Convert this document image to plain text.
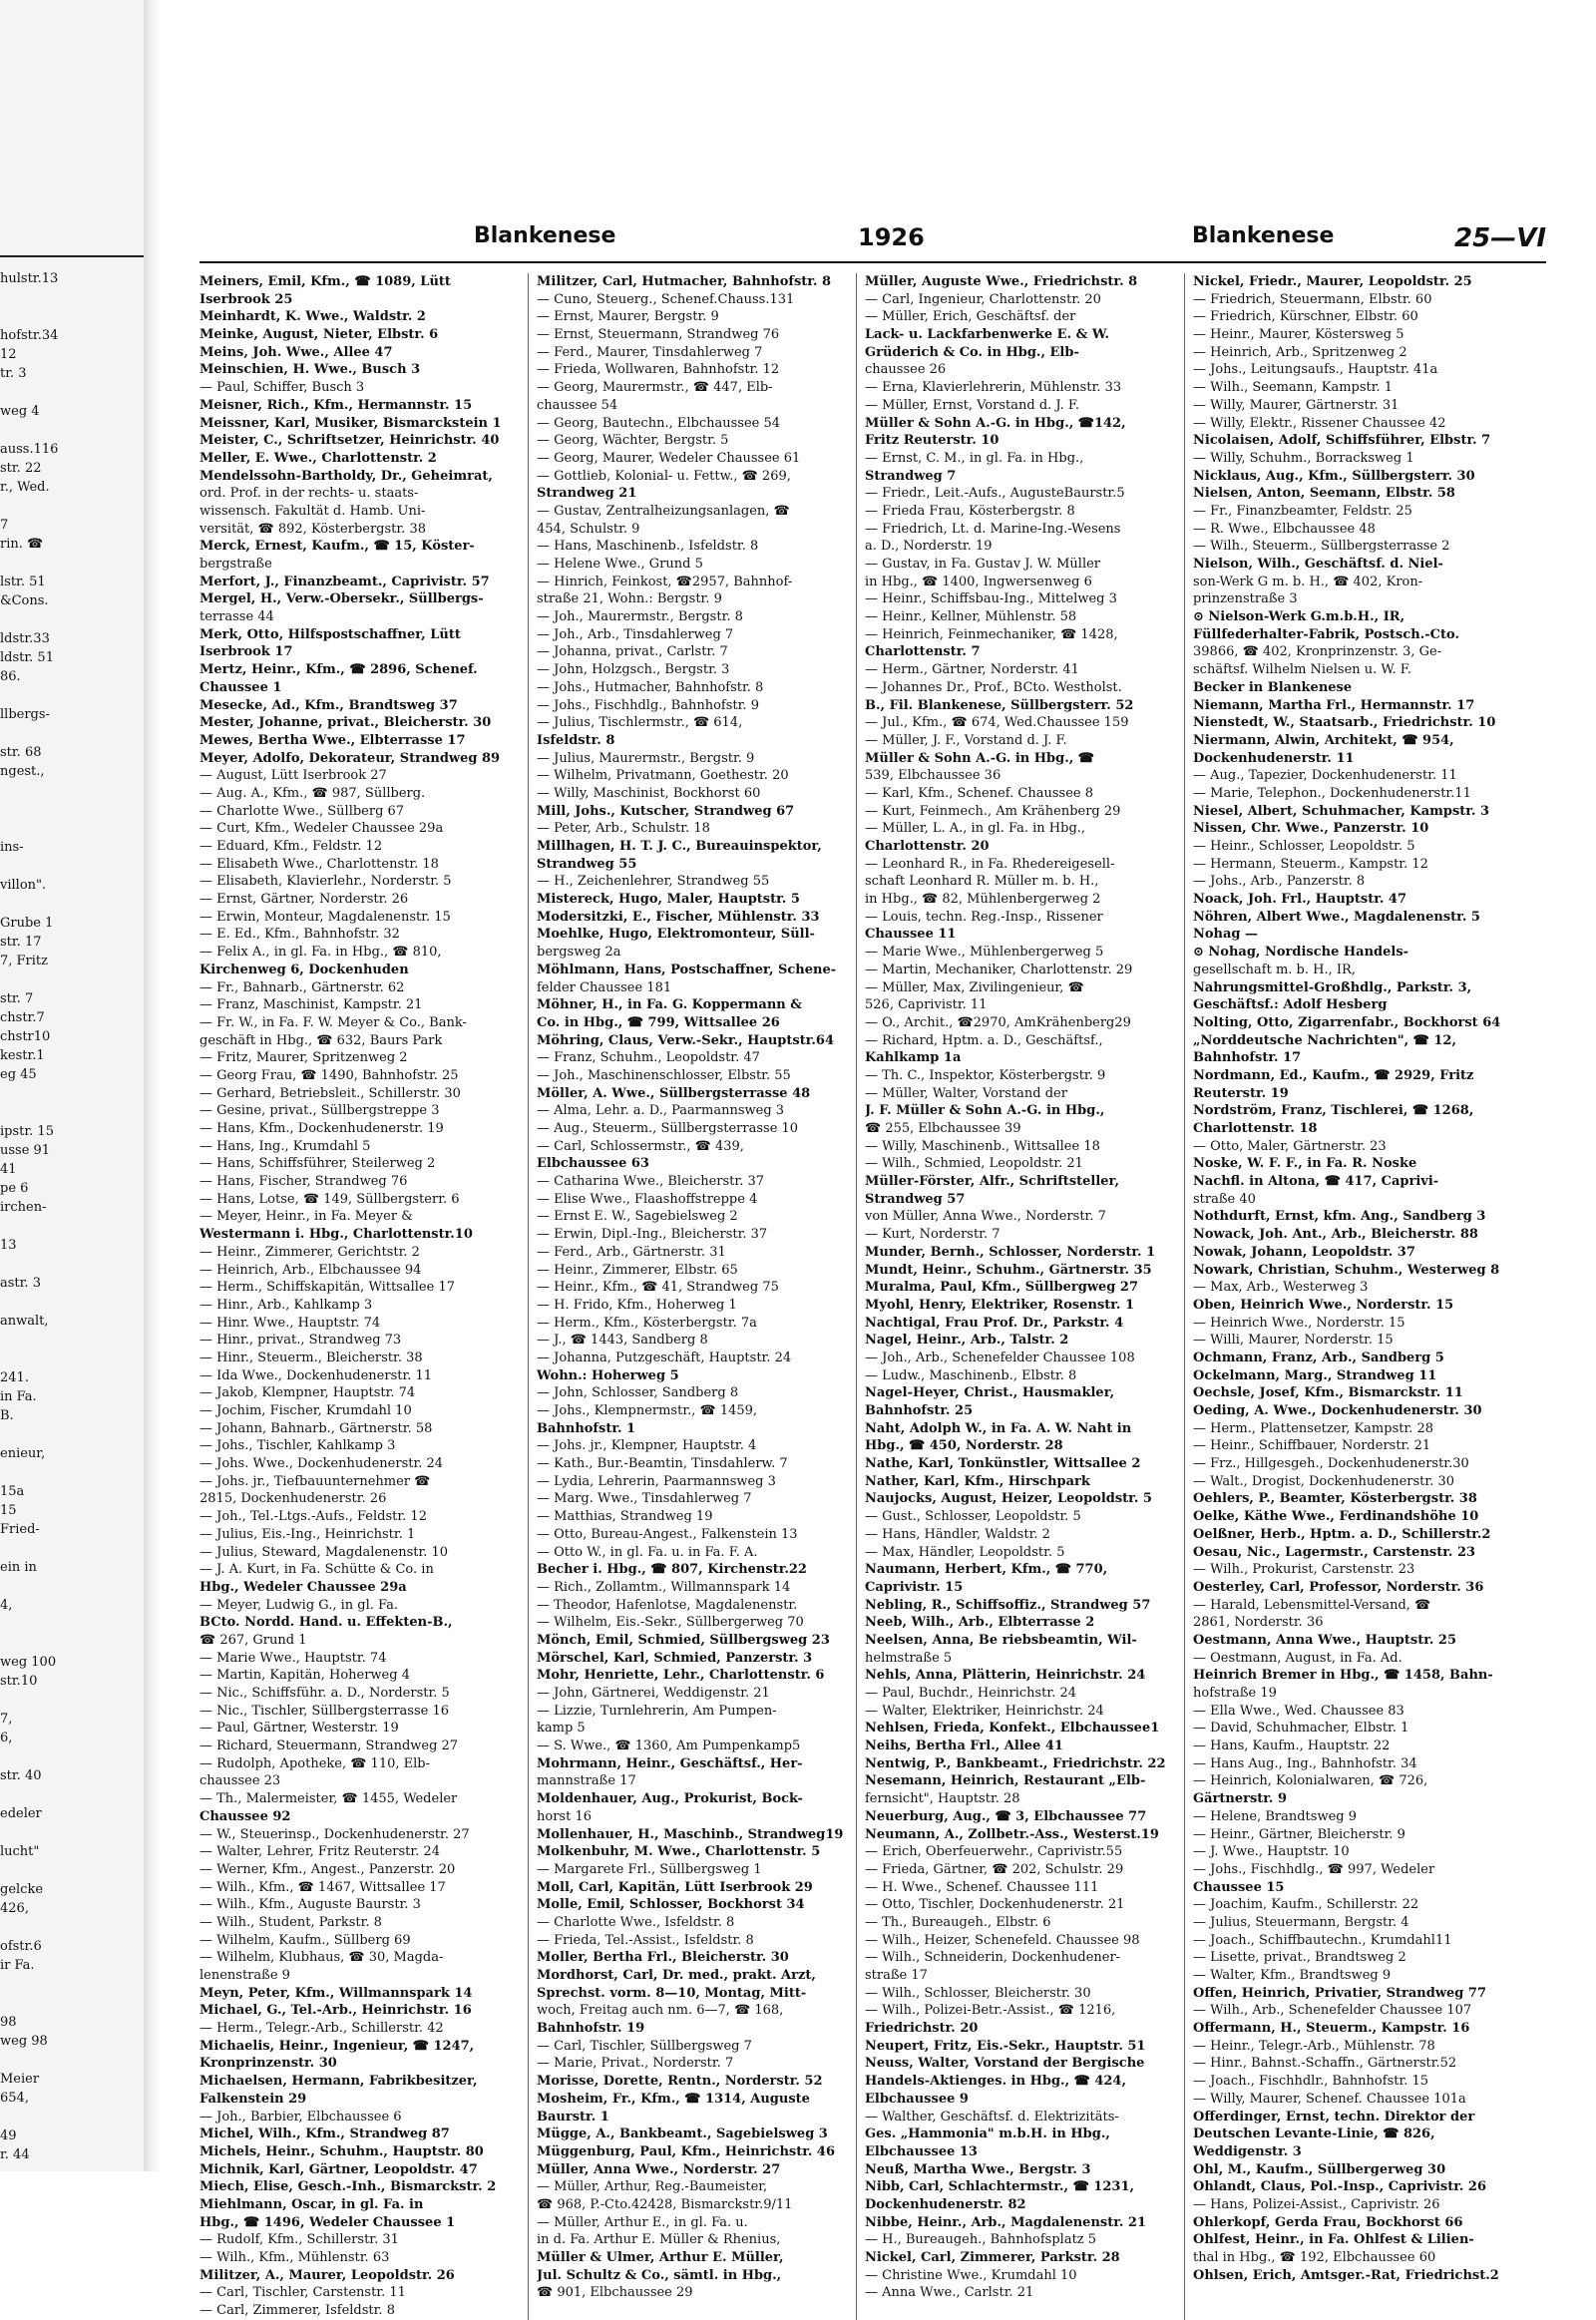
hulstr.13
hofstr.34
12
tr. 3
weg 4
auss.116
str. 22
r., Wed.
7
rin. ☎
lstr. 51
&Cons.
ldstr.33
ldstr. 51
86.
llbergs-
str. 68
ngest.,
ins-
villon".
Grube 1
str. 17
7, Fritz
str. 7
chstr.7
chstr10
kestr.1
eg 45
ipstr. 15
usse 91
41
pe 6
irchen-
13
astr. 3
anwalt,
241.
in Fa.
B.
enieur,
15a
15
Fried-
ein in
4,
weg 100
str.10
7,
6,
str. 40
edeler
lucht"
gelcke
426,
ofstr.6
ir Fa.
98
weg 98
Meier
654,
49
r. 44
Blankenese	1926	Blankenese	25—VI
Meiners, Emil, Kfm., ☎ 1089, Lütt
Iserbrook 25
Meinhardt, K. Wwe., Waldstr. 2
Meinke, August, Nieter, Elbstr. 6
Meins, Joh. Wwe., Allee 47
Meinschien, H. Wwe., Busch 3
— Paul, Schiffer, Busch 3
Meisner, Rich., Kfm., Hermannstr. 15
Meissner, Karl, Musiker, Bismarckstein 1
Meister, C., Schriftsetzer, Heinrichstr. 40
Meller, E. Wwe., Charlottenstr. 2
Mendelssohn-Bartholdy, Dr., Geheimrat,
ord. Prof. in der rechts- u. staats-
wissensch. Fakultät d. Hamb. Uni-
versität, ☎ 892, Kösterbergstr. 38
Merck, Ernest, Kaufm., ☎ 15, Köster-
bergstraße
Merfort, J., Finanzbeamt., Caprivistr. 57
Mergel, H., Verw.-Obersekr., Süllbergs-
terrasse 44
Merk, Otto, Hilfspostschaffner, Lütt
Iserbrook 17
Mertz, Heinr., Kfm., ☎ 2896, Schenef.
Chaussee 1
Mesecke, Ad., Kfm., Brandtsweg 37
Mester, Johanne, privat., Bleicherstr. 30
Mewes, Bertha Wwe., Elbterrasse 17
Meyer, Adolfo, Dekorateur, Strandweg 89
— August, Lütt Iserbrook 27
— Aug. A., Kfm., ☎ 987, Süllberg.
— Charlotte Wwe., Süllberg 67
— Curt, Kfm., Wedeler Chaussee 29a
— Eduard, Kfm., Feldstr. 12
— Elisabeth Wwe., Charlottenstr. 18
— Elisabeth, Klavierlehr., Norderstr. 5
— Ernst, Gärtner, Norderstr. 26
— Erwin, Monteur, Magdalenenstr. 15
— E. Ed., Kfm., Bahnhofstr. 32
— Felix A., in gl. Fa. in Hbg., ☎ 810,
Kirchenweg 6, Dockenhuden
— Fr., Bahnarb., Gärtnerstr. 62
— Franz, Maschinist, Kampstr. 21
— Fr. W., in Fa. F. W. Meyer & Co., Bank-
geschäft in Hbg., ☎ 632, Baurs Park
— Fritz, Maurer, Spritzenweg 2
— Georg Frau, ☎ 1490, Bahnhofstr. 25
— Gerhard, Betriebsleit., Schillerstr. 30
— Gesine, privat., Süllbergstreppe 3
— Hans, Kfm., Dockenhudenerstr. 19
— Hans, Ing., Krumdahl 5
— Hans, Schiffsführer, Steilerweg 2
— Hans, Fischer, Strandweg 76
— Hans, Lotse, ☎ 149, Süllbergsterr. 6
— Meyer, Heinr., in Fa. Meyer &
Westermann i. Hbg., Charlottenstr.10
— Heinr., Zimmerer, Gerichtstr. 2
— Heinrich, Arb., Elbchaussee 94
— Herm., Schiffskapitän, Wittsallee 17
— Hinr., Arb., Kahlkamp 3
— Hinr. Wwe., Hauptstr. 74
— Hinr., privat., Strandweg 73
— Hinr., Steuerm., Bleicherstr. 38
— Ida Wwe., Dockenhudenerstr. 11
— Jakob, Klempner, Hauptstr. 74
— Jochim, Fischer, Krumdahl 10
— Johann, Bahnarb., Gärtnerstr. 58
— Johs., Tischler, Kahlkamp 3
— Johs. Wwe., Dockenhudenerstr. 24
— Johs. jr., Tiefbauunternehmer ☎
2815, Dockenhudenerstr. 26
— Joh., Tel.-Ltgs.-Aufs., Feldstr. 12
— Julius, Eis.-Ing., Heinrichstr. 1
— Julius, Steward, Magdalenenstr. 10
— J. A. Kurt, in Fa. Schütte & Co. in
Hbg., Wedeler Chaussee 29a
— Meyer, Ludwig G., in gl. Fa.
BCto. Nordd. Hand. u. Effekten-B.,
☎ 267, Grund 1
— Marie Wwe., Hauptstr. 74
— Martin, Kapitän, Hoherweg 4
— Nic., Schiffsführ. a. D., Norderstr. 5
— Nic., Tischler, Süllbergsterrasse 16
— Paul, Gärtner, Westerstr. 19
— Richard, Steuermann, Strandweg 27
— Rudolph, Apotheke, ☎ 110, Elb-
chaussee 23
— Th., Malermeister, ☎ 1455, Wedeler
Chaussee 92
— W., Steuerinsp., Dockenhudenerstr. 27
— Walter, Lehrer, Fritz Reuterstr. 24
— Werner, Kfm., Angest., Panzerstr. 20
— Wilh., Kfm., ☎ 1467, Wittsallee 17
— Wilh., Kfm., Auguste Baurstr. 3
— Wilh., Student, Parkstr. 8
— Wilhelm, Kaufm., Süllberg 69
— Wilhelm, Klubhaus, ☎ 30, Magda-
lenenstraße 9
Meyn, Peter, Kfm., Willmannspark 14
Michael, G., Tel.-Arb., Heinrichstr. 16
— Herm., Telegr.-Arb., Schillerstr. 42
Michaelis, Heinr., Ingenieur, ☎ 1247,
Kronprinzenstr. 30
Michaelsen, Hermann, Fabrikbesitzer,
Falkenstein 29
— Joh., Barbier, Elbchaussee 6
Michel, Wilh., Kfm., Strandweg 87
Michels, Heinr., Schuhm., Hauptstr. 80
Michnik, Karl, Gärtner, Leopoldstr. 47
Miech, Elise, Gesch.-Inh., Bismarckstr. 2
Miehlmann, Oscar, in gl. Fa. in
Hbg., ☎ 1496, Wedeler Chaussee 1
— Rudolf, Kfm., Schillerstr. 31
— Wilh., Kfm., Mühlenstr. 63
Militzer, A., Maurer, Leopoldstr. 26
— Carl, Tischler, Carstenstr. 11
— Carl, Zimmerer, Isfeldstr. 8
Militzer, Carl, Hutmacher, Bahnhofstr. 8
— Cuno, Steuerg., Schenef.Chauss.131
— Ernst, Maurer, Bergstr. 9
— Ernst, Steuermann, Strandweg 76
— Ferd., Maurer, Tinsdahlerweg 7
— Frieda, Wollwaren, Bahnhofstr. 12
— Georg, Maurermstr., ☎ 447, Elb-
chaussee 54
— Georg, Bautechn., Elbchaussee 54
— Georg, Wächter, Bergstr. 5
— Georg, Maurer, Wedeler Chaussee 61
— Gottlieb, Kolonial- u. Fettw., ☎ 269,
Strandweg 21
— Gustav, Zentralheizungsanlagen, ☎
454, Schulstr. 9
— Hans, Maschinenb., Isfeldstr. 8
— Helene Wwe., Grund 5
— Hinrich, Feinkost, ☎2957, Bahnhof-
straße 21, Wohn.: Bergstr. 9
— Joh., Maurermstr., Bergstr. 8
— Joh., Arb., Tinsdahlerweg 7
— Johanna, privat., Carlstr. 7
— John, Holzgsch., Bergstr. 3
— Johs., Hutmacher, Bahnhofstr. 8
— Johs., Fischhdlg., Bahnhofstr. 9
— Julius, Tischlermstr., ☎ 614,
Isfeldstr. 8
— Julius, Maurermstr., Bergstr. 9
— Wilhelm, Privatmann, Goethestr. 20
— Willy, Maschinist, Bockhorst 60
Mill, Johs., Kutscher, Strandweg 67
— Peter, Arb., Schulstr. 18
Millhagen, H. T. J. C., Bureauinspektor,
Strandweg 55
— H., Zeichenlehrer, Strandweg 55
Mistereck, Hugo, Maler, Hauptstr. 5
Modersitzki, E., Fischer, Mühlenstr. 33
Moehlke, Hugo, Elektromonteur, Süll-
bergsweg 2a
Möhlmann, Hans, Postschaffner, Schene-
felder Chaussee 181
Möhner, H., in Fa. G. Koppermann &
Co. in Hbg., ☎ 799, Wittsallee 26
Möhring, Claus, Verw.-Sekr., Hauptstr.64
— Franz, Schuhm., Leopoldstr. 47
— Joh., Maschinenschlosser, Elbstr. 55
Möller, A. Wwe., Süllbergsterrasse 48
— Alma, Lehr. a. D., Paarmannsweg 3
— Aug., Steuerm., Süllbergsterrasse 10
— Carl, Schlossermstr., ☎ 439,
Elbchaussee 63
— Catharina Wwe., Bleicherstr. 37
— Elise Wwe., Flaashoffstreppe 4
— Ernst E. W., Sagebielsweg 2
— Erwin, Dipl.-Ing., Bleicherstr. 37
— Ferd., Arb., Gärtnerstr. 31
— Heinr., Zimmerer, Elbstr. 65
— Heinr., Kfm., ☎ 41, Strandweg 75
— H. Frido, Kfm., Hoherweg 1
— Herm., Kfm., Kösterbergstr. 7a
— J., ☎ 1443, Sandberg 8
— Johanna, Putzgeschäft, Hauptstr. 24
Wohn.: Hoherweg 5
— John, Schlosser, Sandberg 8
— Johs., Klempnermstr., ☎ 1459,
Bahnhofstr. 1
— Johs. jr., Klempner, Hauptstr. 4
— Kath., Bur.-Beamtin, Tinsdahlerw. 7
— Lydia, Lehrerin, Paarmannsweg 3
— Marg. Wwe., Tinsdahlerweg 7
— Matthias, Strandweg 19
— Otto, Bureau-Angest., Falkenstein 13
— Otto W., in gl. Fa. u. in Fa. F. A.
Becher i. Hbg., ☎ 807, Kirchenstr.22
— Rich., Zollamtm., Willmannspark 14
— Theodor, Hafenlotse, Magdalenenstr.
— Wilhelm, Eis.-Sekr., Süllbergerweg 70
Mönch, Emil, Schmied, Süllbergsweg 23
Mörschel, Karl, Schmied, Panzerstr. 3
Mohr, Henriette, Lehr., Charlottenstr. 6
— John, Gärtnerei, Weddigenstr. 21
— Lizzie, Turnlehrerin, Am Pumpen-
kamp 5
— S. Wwe., ☎ 1360, Am Pumpenkamp5
Mohrmann, Heinr., Geschäftsf., Her-
mannstraße 17
Moldenhauer, Aug., Prokurist, Bock-
horst 16
Mollenhauer, H., Maschinb., Strandweg19
Molkenbuhr, M. Wwe., Charlottenstr. 5
— Margarete Frl., Süllbergsweg 1
Moll, Carl, Kapitän, Lütt Iserbrook 29
Molle, Emil, Schlosser, Bockhorst 34
— Charlotte Wwe., Isfeldstr. 8
— Frieda, Tel.-Assist., Isfeldstr. 8
Moller, Bertha Frl., Bleicherstr. 30
Mordhorst, Carl, Dr. med., prakt. Arzt,
Sprechst. vorm. 8—10, Montag, Mitt-
woch, Freitag auch nm. 6—7, ☎ 168,
Bahnhofstr. 19
— Carl, Tischler, Süllbergsweg 7
— Marie, Privat., Norderstr. 7
Morisse, Dorette, Rentn., Norderstr. 52
Mosheim, Fr., Kfm., ☎ 1314, Auguste
Baurstr. 1
Mügge, A., Bankbeamt., Sagebielsweg 3
Müggenburg, Paul, Kfm., Heinrichstr. 46
Müller, Anna Wwe., Norderstr. 27
— Müller, Arthur, Reg.-Baumeister,
☎ 968, P.-Cto.42428, Bismarckstr.9/11
— Müller, Arthur E., in gl. Fa. u.
in d. Fa. Arthur E. Müller & Rhenius,
Müller & Ulmer, Arthur E. Müller,
Jul. Schultz & Co., sämtl. in Hbg.,
☎ 901, Elbchaussee 29
Müller, Auguste Wwe., Friedrichstr. 8
— Carl, Ingenieur, Charlottenstr. 20
— Müller, Erich, Geschäftsf. der
Lack- u. Lackfarbenwerke E. & W.
Grüderich & Co. in Hbg., Elb-
chaussee 26
— Erna, Klavierlehrerin, Mühlenstr. 33
— Müller, Ernst, Vorstand d. J. F.
Müller & Sohn A.-G. in Hbg., ☎142,
Fritz Reuterstr. 10
— Ernst, C. M., in gl. Fa. in Hbg.,
Strandweg 7
— Friedr., Leit.-Aufs., AugusteBaurstr.5
— Frieda Frau, Kösterbergstr. 8
— Friedrich, Lt. d. Marine-Ing.-Wesens
a. D., Norderstr. 19
— Gustav, in Fa. Gustav J. W. Müller
in Hbg., ☎ 1400, Ingwersenweg 6
— Heinr., Schiffsbau-Ing., Mittelweg 3
— Heinr., Kellner, Mühlenstr. 58
— Heinrich, Feinmechaniker, ☎ 1428,
Charlottenstr. 7
— Herm., Gärtner, Norderstr. 41
— Johannes Dr., Prof., BCto. Westholst.
B., Fil. Blankenese, Süllbergsterr. 52
— Jul., Kfm., ☎ 674, Wed.Chaussee 159
— Müller, J. F., Vorstand d. J. F.
Müller & Sohn A.-G. in Hbg., ☎
539, Elbchaussee 36
— Karl, Kfm., Schenef. Chaussee 8
— Kurt, Feinmech., Am Krähenberg 29
— Müller, L. A., in gl. Fa. in Hbg.,
Charlottenstr. 20
— Leonhard R., in Fa. Rhedereigesell-
schaft Leonhard R. Müller m. b. H.,
in Hbg., ☎ 82, Mühlenbergerweg 2
— Louis, techn. Reg.-Insp., Rissener
Chaussee 11
— Marie Wwe., Mühlenbergerweg 5
— Martin, Mechaniker, Charlottenstr. 29
— Müller, Max, Zivilingenieur, ☎
526, Caprivistr. 11
— O., Archit., ☎2970, AmKrähenberg29
— Richard, Hptm. a. D., Geschäftsf.,
Kahlkamp 1a
— Th. C., Inspektor, Kösterbergstr. 9
— Müller, Walter, Vorstand der
J. F. Müller & Sohn A.-G. in Hbg.,
☎ 255, Elbchaussee 39
— Willy, Maschinenb., Wittsallee 18
— Wilh., Schmied, Leopoldstr. 21
Müller-Förster, Alfr., Schriftsteller,
Strandweg 57
von Müller, Anna Wwe., Norderstr. 7
— Kurt, Norderstr. 7
Munder, Bernh., Schlosser, Norderstr. 1
Mundt, Heinr., Schuhm., Gärtnerstr. 35
Muralma, Paul, Kfm., Süllbergweg 27
Myohl, Henry, Elektriker, Rosenstr. 1
Nachtigal, Frau Prof. Dr., Parkstr. 4
Nagel, Heinr., Arb., Talstr. 2
— Joh., Arb., Schenefelder Chaussee 108
— Ludw., Maschinenb., Elbstr. 8
Nagel-Heyer, Christ., Hausmakler,
Bahnhofstr. 25
Naht, Adolph W., in Fa. A. W. Naht in
Hbg., ☎ 450, Norderstr. 28
Nathe, Karl, Tonkünstler, Wittsallee 2
Nather, Karl, Kfm., Hirschpark
Naujocks, August, Heizer, Leopoldstr. 5
— Gust., Schlosser, Leopoldstr. 5
— Hans, Händler, Waldstr. 2
— Max, Händler, Leopoldstr. 5
Naumann, Herbert, Kfm., ☎ 770,
Caprivistr. 15
Nebling, R., Schiffsoffiz., Strandweg 57
Neeb, Wilh., Arb., Elbterrasse 2
Neelsen, Anna, Be riebsbeamtin, Wil-
helmstraße 5
Nehls, Anna, Plätterin, Heinrichstr. 24
— Paul, Buchdr., Heinrichstr. 24
— Walter, Elektriker, Heinrichstr. 24
Nehlsen, Frieda, Konfekt., Elbchaussee1
Neihs, Bertha Frl., Allee 41
Nentwig, P., Bankbeamt., Friedrichstr. 22
Nesemann, Heinrich, Restaurant „Elb-
fernsicht", Hauptstr. 28
Neuerburg, Aug., ☎ 3, Elbchaussee 77
Neumann, A., Zollbetr.-Ass., Westerst.19
— Erich, Oberfeuerwehr., Caprivistr.55
— Frieda, Gärtner, ☎ 202, Schulstr. 29
— H. Wwe., Schenef. Chaussee 111
— Otto, Tischler, Dockenhudenerstr. 21
— Th., Bureaugeh., Elbstr. 6
— Wilh., Heizer, Schenefeld. Chaussee 98
— Wilh., Schneiderin, Dockenhudener-
straße 17
— Wilh., Schlosser, Bleicherstr. 30
— Wilh., Polizei-Betr.-Assist., ☎ 1216,
Friedrichstr. 20
Neupert, Fritz, Eis.-Sekr., Hauptstr. 51
Neuss, Walter, Vorstand der Bergische
Handels-Aktienges. in Hbg., ☎ 424,
Elbchaussee 9
— Walther, Geschäftsf. d. Elektrizitäts-
Ges. „Hammonia" m.b.H. in Hbg.,
Elbchaussee 13
Neuß, Martha Wwe., Bergstr. 3
Nibb, Carl, Schlachtermstr., ☎ 1231,
Dockenhudenerstr. 82
Nibbe, Heinr., Arb., Magdalenenstr. 21
— H., Bureaugeh., Bahnhofsplatz 5
Nickel, Carl, Zimmerer, Parkstr. 28
— Christine Wwe., Krumdahl 10
— Anna Wwe., Carlstr. 21
Nickel, Friedr., Maurer, Leopoldstr. 25
— Friedrich, Steuermann, Elbstr. 60
— Friedrich, Kürschner, Elbstr. 60
— Heinr., Maurer, Köstersweg 5
— Heinrich, Arb., Spritzenweg 2
— Johs., Leitungsaufs., Hauptstr. 41a
— Wilh., Seemann, Kampstr. 1
— Willy, Maurer, Gärtnerstr. 31
— Willy, Elektr., Rissener Chaussee 42
Nicolaisen, Adolf, Schiffsführer, Elbstr. 7
— Willy, Schuhm., Borracksweg 1
Nicklaus, Aug., Kfm., Süllbergsterr. 30
Nielsen, Anton, Seemann, Elbstr. 58
— Fr., Finanzbeamter, Feldstr. 25
— R. Wwe., Elbchaussee 48
— Wilh., Steuerm., Süllbergsterrasse 2
Nielson, Wilh., Geschäftsf. d. Niel-
son-Werk G m. b. H., ☎ 402, Kron-
prinzenstraße 3
⊙ Nielson-Werk G.m.b.H., IR,
Füllfederhalter-Fabrik, Postsch.-Cto.
39866, ☎ 402, Kronprinzenstr. 3, Ge-
schäftsf. Wilhelm Nielsen u. W. F.
Becker in Blankenese
Niemann, Martha Frl., Hermannstr. 17
Nienstedt, W., Staatsarb., Friedrichstr. 10
Niermann, Alwin, Architekt, ☎ 954,
Dockenhudenerstr. 11
— Aug., Tapezier, Dockenhudenerstr. 11
— Marie, Telephon., Dockenhudenerstr.11
Niesel, Albert, Schuhmacher, Kampstr. 3
Nissen, Chr. Wwe., Panzerstr. 10
— Heinr., Schlosser, Leopoldstr. 5
— Hermann, Steuerm., Kampstr. 12
— Johs., Arb., Panzerstr. 8
Noack, Joh. Frl., Hauptstr. 47
Nöhren, Albert Wwe., Magdalenenstr. 5
Nohag —
⊙ Nohag, Nordische Handels-
gesellschaft m. b. H., IR,
Nahrungsmittel-Großhdlg., Parkstr. 3,
Geschäftsf.: Adolf Hesberg
Nolting, Otto, Zigarrenfabr., Bockhorst 64
„Norddeutsche Nachrichten", ☎ 12,
Bahnhofstr. 17
Nordmann, Ed., Kaufm., ☎ 2929, Fritz
Reuterstr. 19
Nordström, Franz, Tischlerei, ☎ 1268,
Charlottenstr. 18
— Otto, Maler, Gärtnerstr. 23
Noske, W. F. F., in Fa. R. Noske
Nachfl. in Altona, ☎ 417, Caprivi-
straße 40
Nothdurft, Ernst, kfm. Ang., Sandberg 3
Nowack, Joh. Ant., Arb., Bleicherstr. 88
Nowak, Johann, Leopoldstr. 37
Nowark, Christian, Schuhm., Westerweg 8
— Max, Arb., Westerweg 3
Oben, Heinrich Wwe., Norderstr. 15
— Heinrich Wwe., Norderstr. 15
— Willi, Maurer, Norderstr. 15
Ochmann, Franz, Arb., Sandberg 5
Ockelmann, Marg., Strandweg 11
Oechsle, Josef, Kfm., Bismarckstr. 11
Oeding, A. Wwe., Dockenhudenerstr. 30
— Herm., Plattensetzer, Kampstr. 28
— Heinr., Schiffbauer, Norderstr. 21
— Frz., Hillgesgeh., Dockenhudenerstr.30
— Walt., Drogist, Dockenhudenerstr. 30
Oehlers, P., Beamter, Kösterbergstr. 38
Oelke, Käthe Wwe., Ferdinandshöhe 10
Oelßner, Herb., Hptm. a. D., Schillerstr.2
Oesau, Nic., Lagermstr., Carstenstr. 23
— Wilh., Prokurist, Carstenstr. 23
Oesterley, Carl, Professor, Norderstr. 36
— Harald, Lebensmittel-Versand, ☎
2861, Norderstr. 36
Oestmann, Anna Wwe., Hauptstr. 25
— Oestmann, August, in Fa. Ad.
Heinrich Bremer in Hbg., ☎ 1458, Bahn-
hofstraße 19
— Ella Wwe., Wed. Chaussee 83
— David, Schuhmacher, Elbstr. 1
— Hans, Kaufm., Hauptstr. 22
— Hans Aug., Ing., Bahnhofstr. 34
— Heinrich, Kolonialwaren, ☎ 726,
Gärtnerstr. 9
— Helene, Brandtsweg 9
— Heinr., Gärtner, Bleicherstr. 9
— J. Wwe., Hauptstr. 10
— Johs., Fischhdlg., ☎ 997, Wedeler
Chaussee 15
— Joachim, Kaufm., Schillerstr. 22
— Julius, Steuermann, Bergstr. 4
— Joach., Schiffbautechn., Krumdahl11
— Lisette, privat., Brandtsweg 2
— Walter, Kfm., Brandtsweg 9
Offen, Heinrich, Privatier, Strandweg 77
— Wilh., Arb., Schenefelder Chaussee 107
Offermann, H., Steuerm., Kampstr. 16
— Heinr., Telegr.-Arb., Mühlenstr. 78
— Hinr., Bahnst.-Schaffn., Gärtnerstr.52
— Joach., Fischhdlr., Bahnhofstr. 15
— Willy, Maurer, Schenef. Chaussee 101a
Offerdinger, Ernst, techn. Direktor der
Deutschen Levante-Linie, ☎ 826,
Weddigenstr. 3
Ohl, M., Kaufm., Süllbergerweg 30
Ohlandt, Claus, Pol.-Insp., Caprivistr. 26
— Hans, Polizei-Assist., Caprivistr. 26
Ohlerkopf, Gerda Frau, Bockhorst 66
Ohlfest, Heinr., in Fa. Ohlfest & Lilien-
thal in Hbg., ☎ 192, Elbchaussee 60
Ohlsen, Erich, Amtsger.-Rat, Friedrichst.2
